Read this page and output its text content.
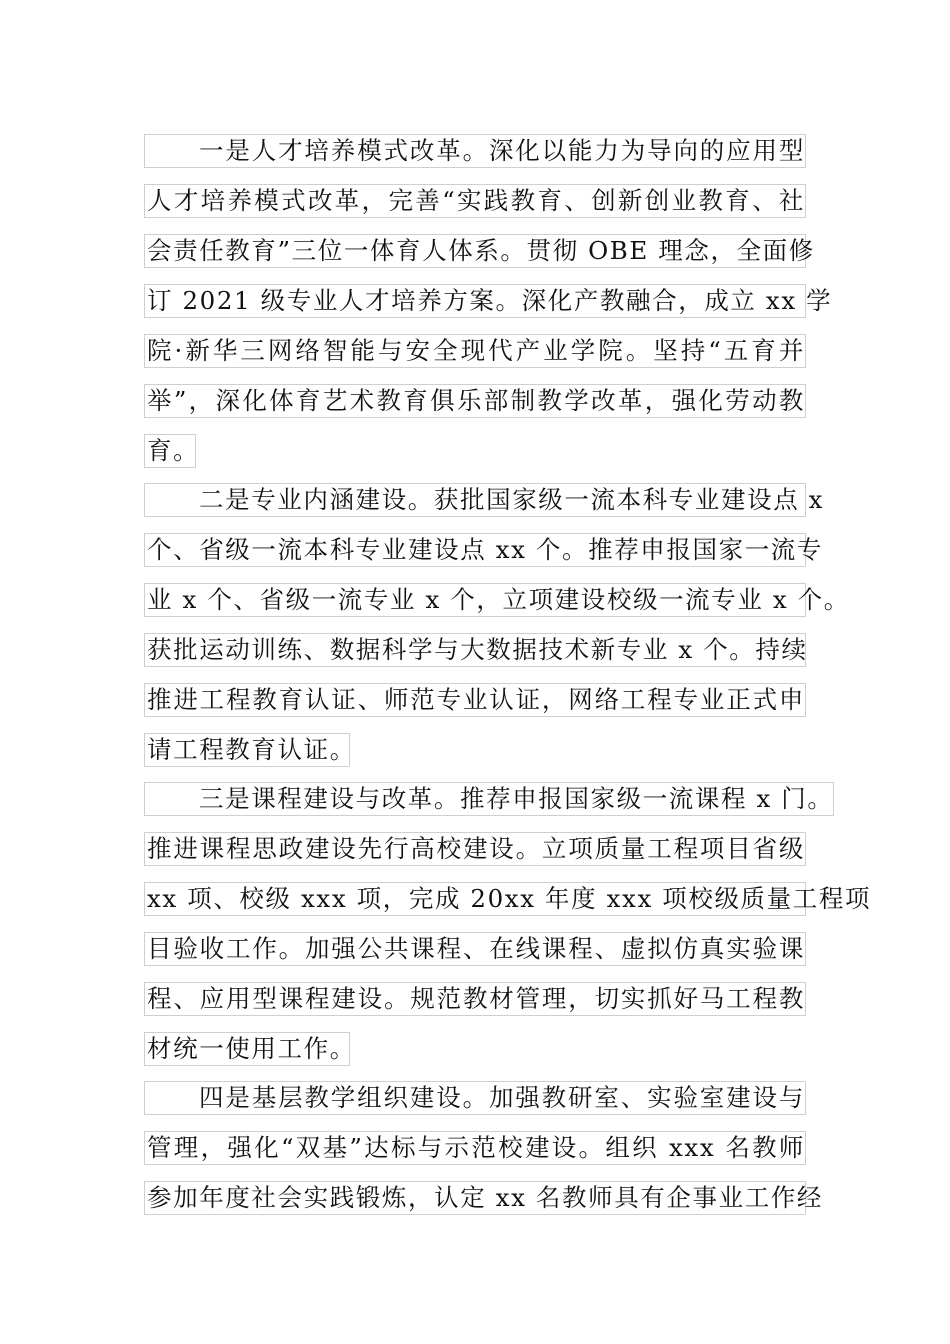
一是人才培养模式改革。深化以能力为导向的应用型
人才培养模式改革，完善“实践教育、创新创业教育、社
会责任教育”三位一体育人体系。贯彻 OBE 理念，全面修
订 2021 级专业人才培养方案。深化产教融合，成立 xx 学
院·新华三网络智能与安全现代产业学院。坚持“五育并
举”，深化体育艺术教育俱乐部制教学改革，强化劳动教
育。
二是专业内涵建设。获批国家级一流本科专业建设点 x
个、省级一流本科专业建设点 xx 个。推荐申报国家一流专
业 x 个、省级一流专业 x 个，立项建设校级一流专业 x 个。
获批运动训练、数据科学与大数据技术新专业 x 个。持续
推进工程教育认证、师范专业认证，网络工程专业正式申
请工程教育认证。
三是课程建设与改革。推荐申报国家级一流课程 x 门。
推进课程思政建设先行高校建设。立项质量工程项目省级
xx 项、校级 xxx 项，完成 20xx 年度 xxx 项校级质量工程项
目验收工作。加强公共课程、在线课程、虚拟仿真实验课
程、应用型课程建设。规范教材管理，切实抓好马工程教
材统一使用工作。
四是基层教学组织建设。加强教研室、实验室建设与
管理，强化“双基”达标与示范校建设。组织 xxx 名教师
参加年度社会实践锻炼，认定 xx 名教师具有企事业工作经
